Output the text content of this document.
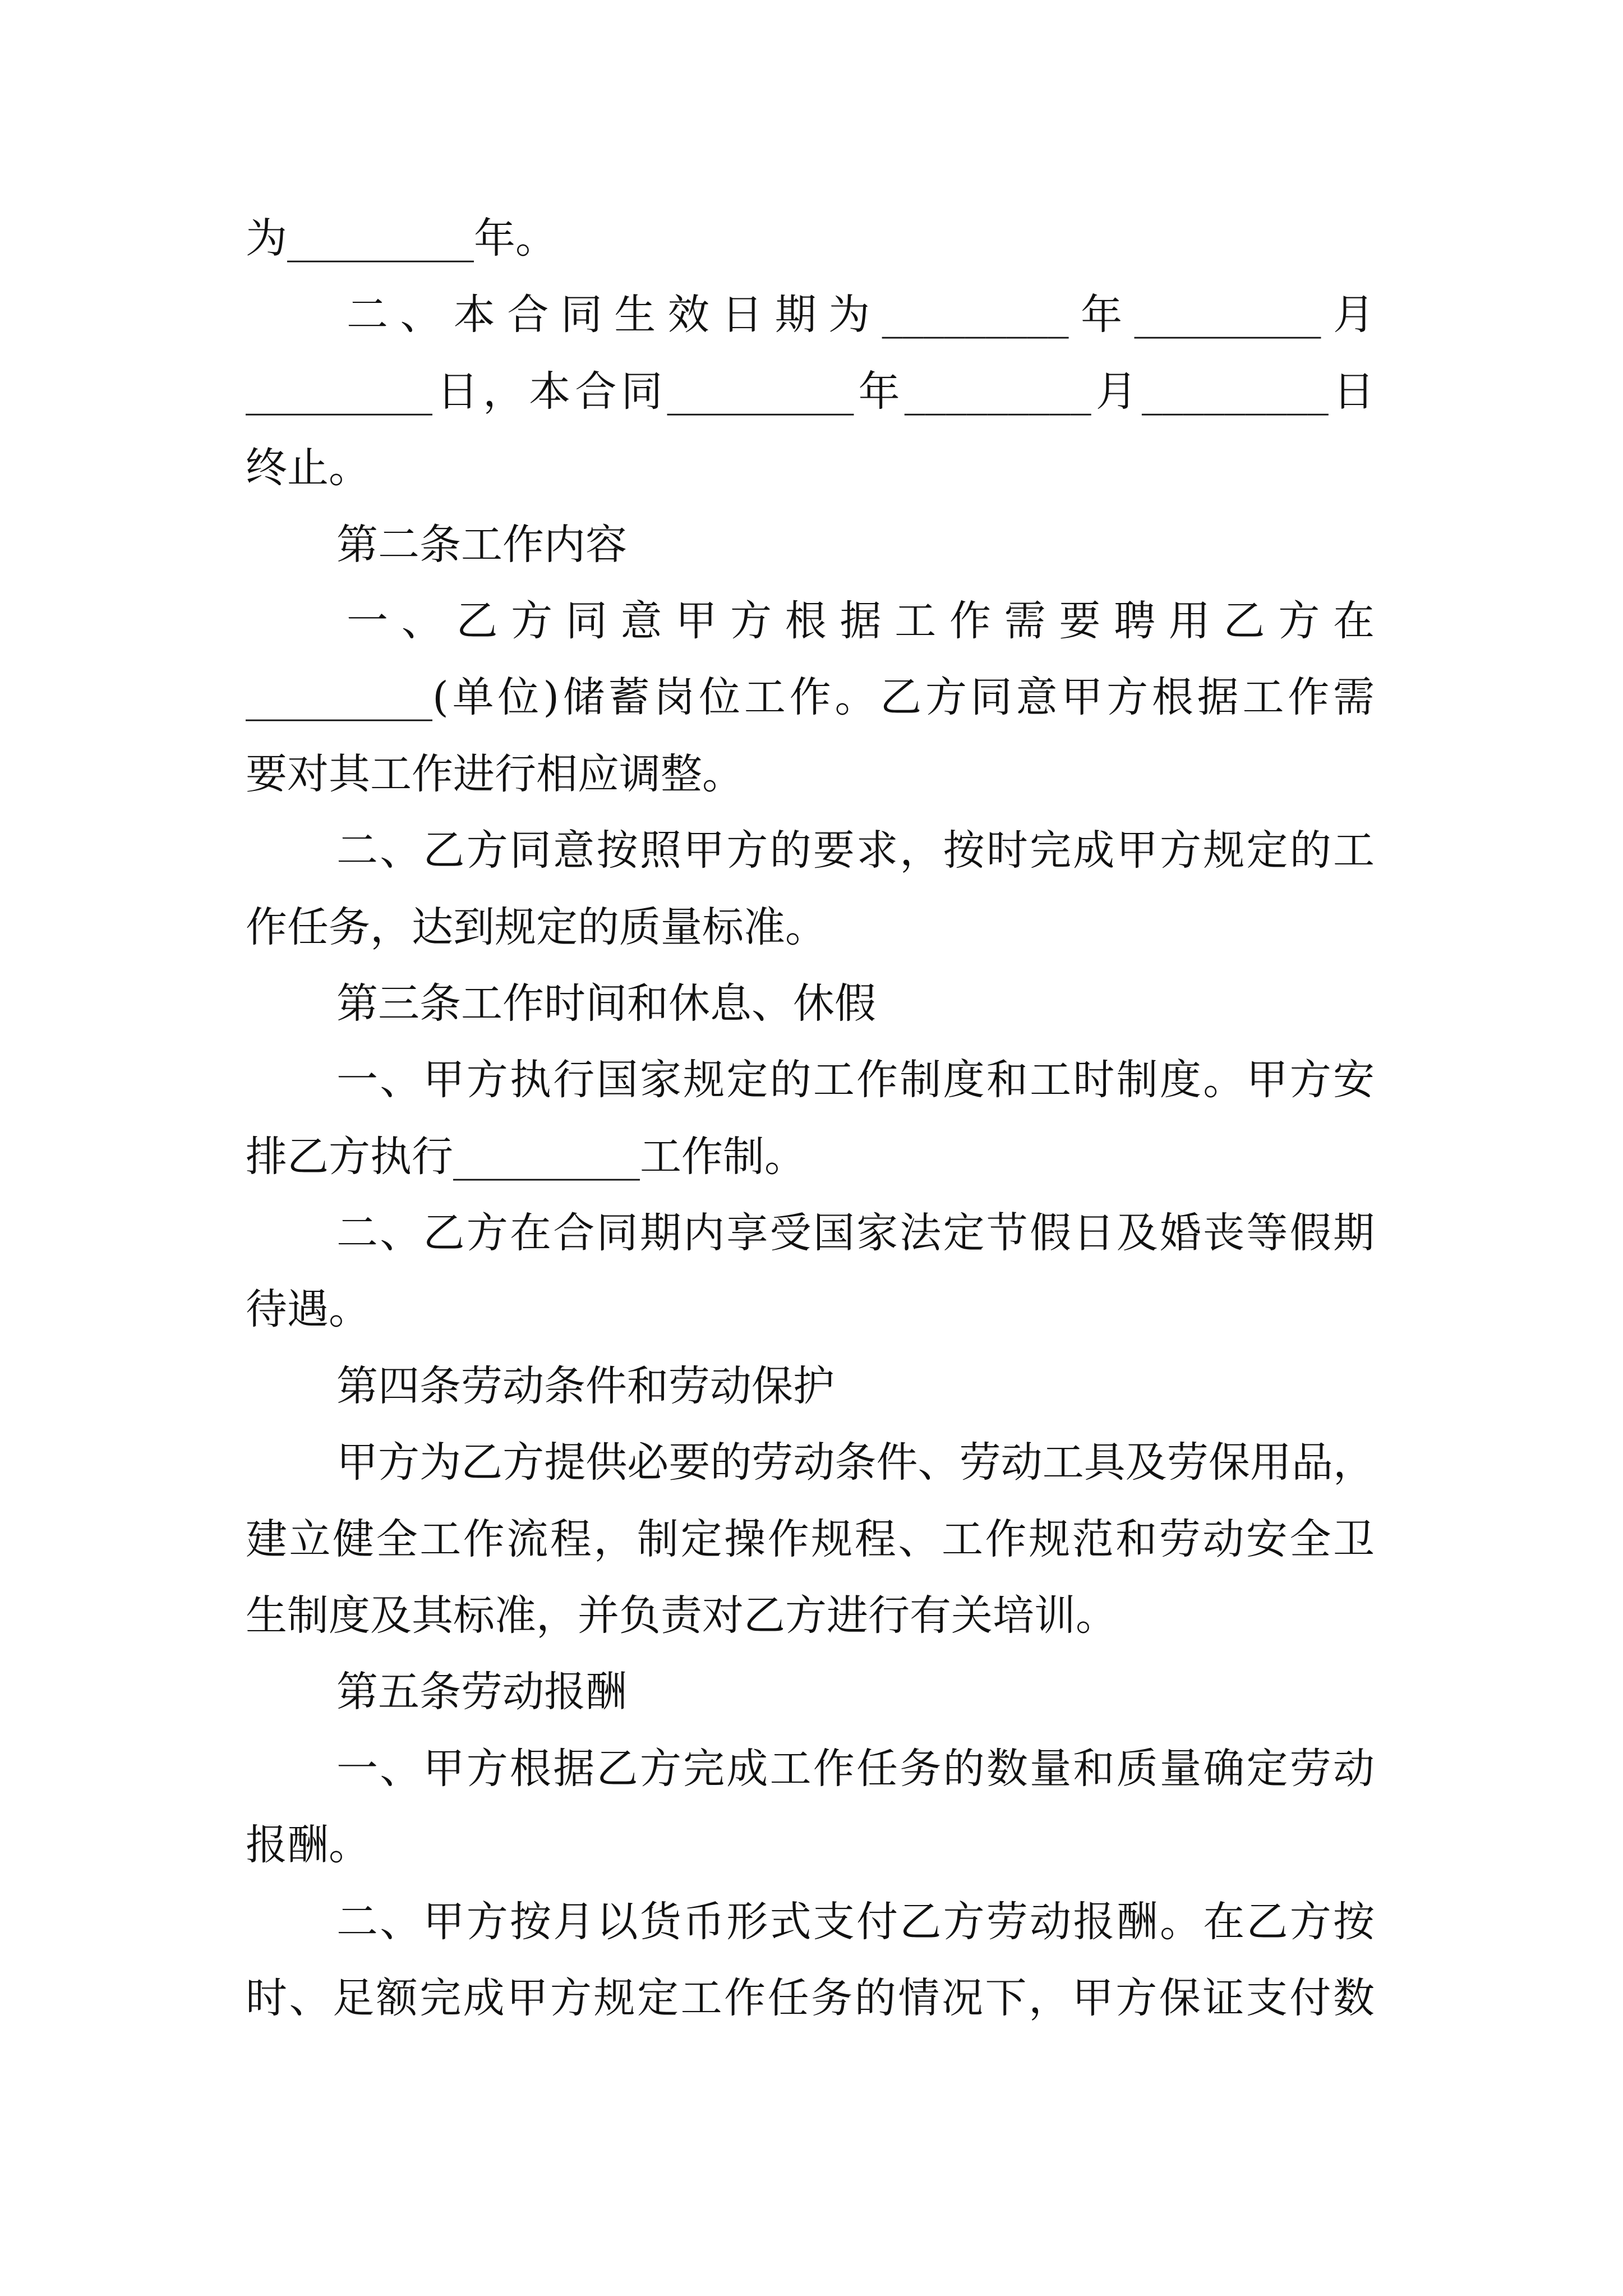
为_________年。
二、本合同生效日期为_________年_________月
_________日，本合同_________年_________月_________日
终止。
第二条工作内容
一、乙方同意甲方根据工作需要聘用乙方在
_________(单位)储蓄岗位工作。乙方同意甲方根据工作需
要对其工作进行相应调整。
二、乙方同意按照甲方的要求，按时完成甲方规定的工
作任务，达到规定的质量标准。
第三条工作时间和休息、休假
一、甲方执行国家规定的工作制度和工时制度。甲方安
排乙方执行_________工作制。
二、乙方在合同期内享受国家法定节假日及婚丧等假期
待遇。
第四条劳动条件和劳动保护
甲方为乙方提供必要的劳动条件、劳动工具及劳保用品，
建立健全工作流程，制定操作规程、工作规范和劳动安全卫
生制度及其标准，并负责对乙方进行有关培训。
第五条劳动报酬
一、甲方根据乙方完成工作任务的数量和质量确定劳动
报酬。
二、甲方按月以货币形式支付乙方劳动报酬。在乙方按
时、足额完成甲方规定工作任务的情况下，甲方保证支付数
